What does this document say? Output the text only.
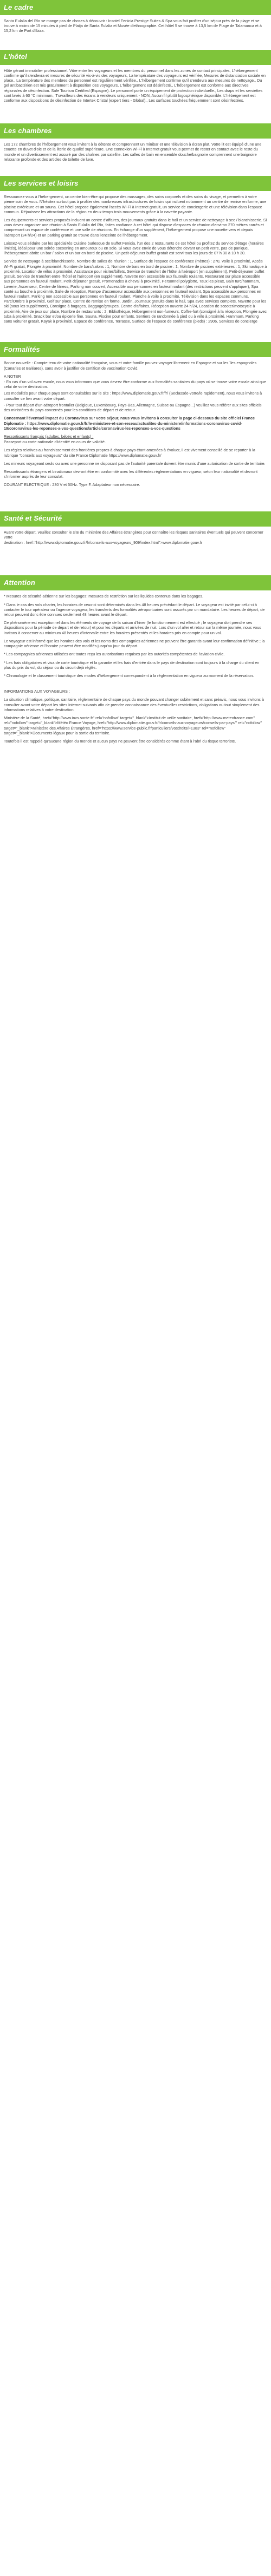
Le cadre

Santa Eulalia del Río se mange pas de choses à découvrir : Insotel Fenicia Prestige Suites & Spa vous fait profiter d'un séjour près de la plage et se trouve à moins de 15 minutes à pied de Platja de Santa Eulalia et Musée d'ethnographie. Cet hôtel 5 se trouve à 13,5 km de Plage de Talamanca et à 15,2 km de Port d'Ibiza.

L'hôtel

Hôte gérant immobilier professionnel. Vitre entre les voyageurs et les membres du personnel dans les zones de contact principales, L'hébergement confirme qu'il s'endevra et mesures de sécurité vis-à-vis des voyageurs, La température des voyageurs est vérifiée, Mesures de distanciation sociale en place., La température des membres du personnel est régulièrement vérifiée., L'hébergement confirme qu'il s'endevra aux mesures de nettoyage., Du gel antibactérien est mis gratuitement à disposition des voyageurs, L'hébergement est désinfecté., L'hébergement est conforme aux directives régionales de désinfection. Safe Tourism Certified (Espagne). Le personnel porte un équipement de protection individuelle., Les draps et les serviettes sont lavés à 60 °C minimum., Travailleurs des écrans à vendeurs uniquement - NON, Aucun fil plutôt logosphérique disponible. L'hébergement est conforme aux dispositions de désinfection de Intertek Cristal (expert tiers - Global)., Les surfaces touchées fréquemment sont désinfectées.

Les chambres

Les 172 chambres de l'hébergement vous invitent à la détente et comprennent un minibar et une télévision à écran plat. Votre lit est équipé d'une une couette en duvet d'oie et de la literie de qualité supérieure. Une connexion Wi-Fi à Internet gratuit vous permet de rester en contact avec le reste du monde et un divertissement est assuré par des chaînes par satellite. Les salles de bain en ensemble douche/baignoire comprennent une baignoire relaxante profonde et des articles de toilette de luxe.

Les services et loisirs

Ressourcez-vous à l'hébergement, un centre bien-être qui propose des massages, des soins corporels et des soins du visage, et permettra à votre pieme soin de vous. N'hésitez surtout pas à profiter des nombreuses infrastructures de loisirs qui incluent notamment un centre de remise en forme, une piscine extérieure et un sauna. Cet hôtel propose également l'accès Wi-Fi à Internet gratuit, un service de conciergerie et une télévision dans l'espace commun. Réjouissez les attractions de la région en deux temps trois mouvements grâce à la navette payante.

Les équipements et services proposés incluent un centre d'affaires, des journaux gratuits dans le hall et un service de nettoyage à sec / blanchisserie. Si vous devez organiser une réunion à Santa Eulalia del Río, faites confiance à cet hôtel qui dispose d'espaces de réunion d'environ 270 mètres carrés et comprenant un espace de conférence et une salle de réunions. En échange d'un supplément, l'hébergement propose une navette vers et depuis l'aéroport (24 h/24) et un parking gratuit se trouve dans l'enceinte de l'hébergement.

Laissez-vous séduire par les spécialités Cuisine burlesque de Buffet Fenicia, l'un des 2 restaurants de cet hôtel ou profitez du service d'étage (horaires limités), idéal pour une soirée cocooning en amoureux ou en solo. Si vous avez envie de vous détendre devant un petit verre, pas de panique, l'hébergement abrite un bar / salon et un bar en bord de piscine. Un petit-déjeuner buffet gratuit est servi tous les jours de 07 h 30 à 10 h 30.

Service de nettoyage à sec/blanchisserie, Nombre de salles de réunion : 1, Surface de l'espace de conférence (mètres) : 270, Voile à proximité, Accès Wi-Fi gratuit, Plongée à proximité, Nombre de bars/salons : 1, Nombre de bars en bord de piscine : 1, Nombre de piscines extérieures : 1, Ski nautique à proximité, Location de vélos à proximité, Assistance pour visites/billets, Service de transfert de l'hôtel à l'aéroport (en supplément), Petit-déjeuner buffet gratuit, Service de transfert entre l'hôtel et l'aéroport (en supplément), Navette non accessible aux fauteuils roulants, Restaurant sur place accessible aux personnes en fauteuil roulant, Petit-déjeuner gratuit, Promenades à cheval à proximité, Personnel polyglotte, Taux les pieux, Bain turc/hammam, Laverie, Ascenseur, Centre de fitness, Parking non couvert, Accessible aux personnes en fauteuil roulant (des restrictions peuvent s'appliquer), Spa santé au bouche à proximité, Salle de réception, Rampe d'ascenseur accessible aux personnes en fauteuil roulant, Spa accessible aux personnes en fauteuil roulant, Parking non accessible aux personnes en fauteuil roulant, Planche à voile à proximité, Télévision dans les espaces communs, Parc/Ombre à proximité, Golf sur place, Centre de remise en forme, Jardin, Journaux gratuits dans le hall, Spa avec services complets, Navette pour les ski (sous les supplément), Consigne à bagages, Baggage/groupes, Centre d'affaires, Réception ouverte 24 h/24, Location de scooter/motocycle à proximité, Aire de jeux sur place, Nombre de restaurants : 2, Bibliothèque, Hébergement non-fumeurs, Coffre-fort (consigné à la réception, Plongée avec tuba à proximité, Snack bar et/ou épicerie fine, Sauna, Piscine pour enfants, Sentiers de randonnée à pied ou à vélo à proximité, Hammam, Parking sans voiturier gratuit, Kayak à proximité, Espace de conférence, Terrasse, Surface de l'espace de conférence (pieds) : 2906, Services de concierge

Formalités

Bonne nouvelle : Compte tenu de votre nationalité française, vous et votre famille pouvez voyager librement en Espagne et sur les îles espagnoles (Canaries et Baléares), sans avoir à justifier de certificat de vaccination Covid.

A NOTER

- En cas d'un vol avec escale, nous vous informons que vous devrez être conforme aux formalités sanitaires du pays où se trouve votre escale ainsi que celui de votre destination.

Les modalités pour chaque pays sont consultables sur le site : https://www.diplomatie.gouv.fr/fr/ (Seclassée-votre/le rapidement), nous vous invitons à consulter ce lien avant votre départ.

- Pour tout départ d'un aéroport frontalier (Belgique, Luxembourg, Pays-Bas, Allemagne, Suisse ou Espagne...) veuillez vous référer aux sites officiels des ministères du pays concernés pour les conditions de départ et de retour.

Concernant l'éventuel impact du Coronavirus sur votre séjour, nous vous invitons à consulter la page ci-dessous du site officiel France Diplomatie : https://www.diplomatie.gouv.fr/fr/le-ministere-et-son-reseau/actualites-du-ministere/informations-coronavirus-covid-19/coronavirus-les-reponses-a-vos-questions/article/coronavirus-les-reponses-a-vos-questions

Ressortissants français (adultes, bébés et enfants) :

Passeport ou carte nationale d'identité en cours de validité.

Les règles relatives au franchissement des frontières propres à chaque pays étant amenées à évoluer, il est vivement conseillé de se reporter à la rubrique "conseils aux voyageurs" du site France Diplomatie https://www.diplomatie.gouv.fr/

Les mineurs voyageant seuls ou avec une personne ne disposant pas de l'autorité parentale doivent être munis d'une autorisation de sortie de territoire.

Ressortissants étrangers et binationaux devront être en conformité avec les différentes réglementations en vigueur, selon leur nationalité et devront s'informer auprès de leur consulat.

COURANT ELECTRIQUE : 230 V et 50Hz. Type F. Adaptateur non nécessaire.

Santé et Sécurité

Avant votre départ, veuillez consulter le site du ministère des Affaires étrangères pour connaître les risques sanitaires éventuels qui peuvent concerner votre

destination : href="http://www.diplomatie.gouv.fr/fr/conseils-aux-voyageurs_909/index.html">www.diplomatie.gouv.fr

Attention

* Mesures de sécurité aérienne sur les bagages: mesures de restriction sur les liquides contenus dans les bagages.

* Dans le cas des vols charter, les horaires de ceux-ci sont déterminés dans les 48 heures précédant le départ. Le voyageur est invité par celui-ci à contacter le tour opérateur ou l'agence voyageur, les transferts des formalités aéroportuaires sont assurés par un mandataire. Les heures de départ, de retour peuvent donc être connues seulement 48 heures avant le départ.

Ce phénomène est exceptionnel dans les éléments de voyage de la saison d'hiver (le fonctionnement est effectué ; le voyageur doit prendre ses dispositions pour la période de départ et de retour) et pour les départs et arrivées de nuit. Lors d'un vol aller et retour sur la même journée, nous vous invitons à conserver au minimum 48 heures d'intervalle entre les horaires présentés et les horaires pris en compte pour un vol.

Le voyageur est informé que les horaires des vols et les noms des compagnies aériennes ne peuvent être garantis avant leur confirmation définitive ; la compagnie aérienne et l'horaire peuvent être modifiés jusqu'au jour du départ.

* Les compagnies aériennes utilisées ont toutes reçu les autorisations requises par les autorités compétentes de l'aviation civile.

* Les frais obligatoires et visa de carte touristique et la garantie et les frais d'entrée dans le pays de destination sont toujours à la charge du client en plus du prix du vol, du séjour ou du circuit déjà réglés.

* Chronologie et le classement touristique des modes d'hébergement correspondent à la réglementation en vigueur au moment de la réservation.

INFORMATIONS AUX VOYAGEURS :

La situation climatique, politique, sanitaire, réglementaire de chaque pays du monde pouvant changer subitement et sans préavis, nous vous invitons à consulter avant votre départ les sites Internet suivants afin de prendre connaissance des éventuelles restrictions, obligations ou tout simplement des informations relatives à votre destination.

Ministère de la Santé, href="http://www.invs.sante.fr" rel="nofollow" target="_blank">Institut de veille sanitaire, href="http://www.meteofrance.com" rel="nofollow" target="_blank">Météo France Voyage, href="http://www.diplomatie.gouv.fr/fr/conseils-aux-voyageurs/conseils-par-pays/" rel="nofollow" target="_blank">Ministère des Affaires Étrangères, href="https://www.service-public.fr/particuliers/vosdroits/F1383" rel="nofollow" target="_blank">Documents légaux pour la sortie du territoire.

Toutefois il est rappelé qu'aucune région du monde et aucun pays ne peuvent être considérés comme étant à l'abri du risque terroriste.
